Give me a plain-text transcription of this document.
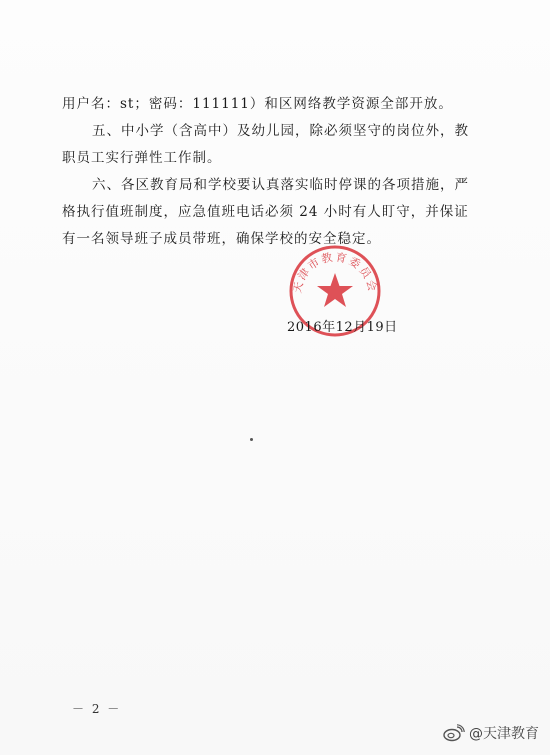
用户名：st；密码：111111）和区网络教学资源全部开放。
五、中小学（含高中）及幼儿园，除必须坚守的岗位外，教
职员工实行弹性工作制。
六、各区教育局和学校要认真落实临时停课的各项措施，严
格执行值班制度，应急值班电话必须 24 小时有人盯守，并保证
有一名领导班子成员带班，确保学校的安全稳定。
天津市教育委员会
2016年12月19日
－ 2 －
@天津教育
